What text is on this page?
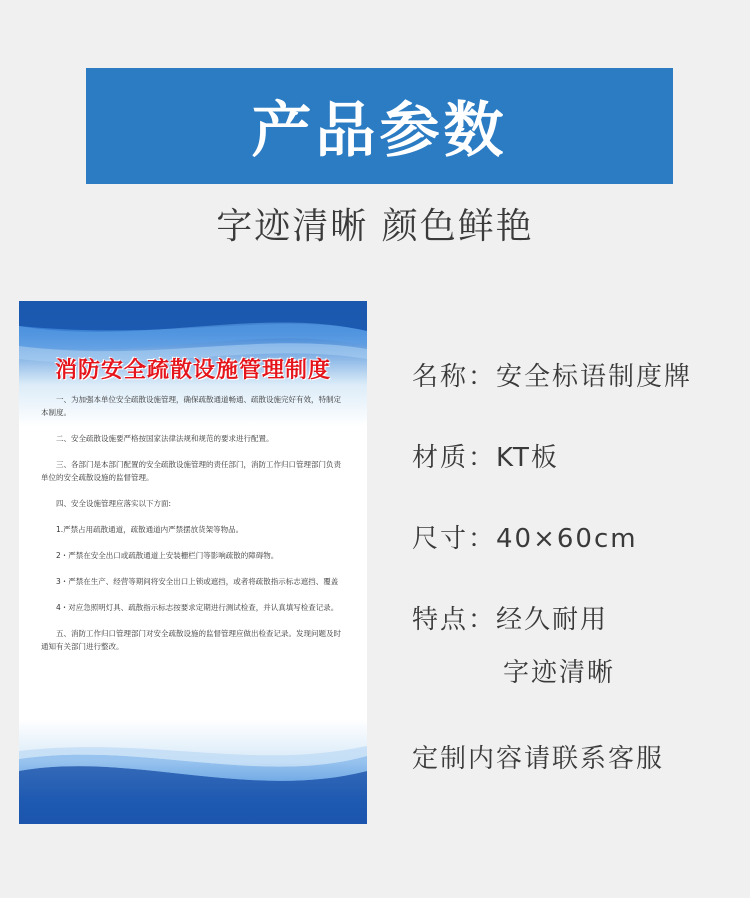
产品参数
字迹清晰 颜色鲜艳
消防安全疏散设施管理制度

一、为加强本单位安全疏散设施管理，确保疏散通道畅通、疏散设施完好有效，特制定本制度。

二、安全疏散设施要严格按国家法律法规和规范的要求进行配置。

三、各部门是本部门配置的安全疏散设施管理的责任部门，消防工作归口管理部门负责单位的安全疏散设施的监督管理。

四、安全设施管理应落实以下方面:

1.严禁占用疏散通道，疏散通道内严禁摆放货架等物品。

2・严禁在安全出口或疏散通道上安装栅栏门等影响疏散的障碍物。

3・严禁在生产、经营等期间将安全出口上锁或遮挡，或者将疏散指示标志遮挡、覆盖

4・对应急照明灯具、疏散指示标志按要求定期进行测试检查，并认真填写检查记录。

五、消防工作归口管理部门对安全疏散设施的监督管理应做出检查记录。发现问题及时通知有关部门进行整改。

名称：安全标语制度牌
材质：KT板
尺寸：40×60cm
特点：经久耐用
字迹清晰
定制内容请联系客服
